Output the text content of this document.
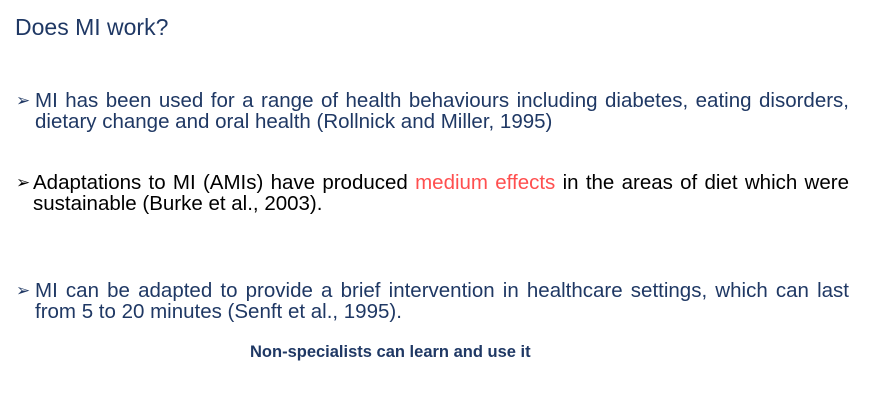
Does MI work?
➢ MI has been used for a range of health behaviours including diabetes, eating disorders, dietary change and oral health (Rollnick and Miller, 1995)
➢ Adaptations to MI (AMIs) have produced medium effects in the areas of diet which were sustainable (Burke et al., 2003).
➢ MI can be adapted to provide a brief intervention in healthcare settings, which can last from 5 to 20 minutes (Senft et al., 1995).
Non-specialists can learn and use it
